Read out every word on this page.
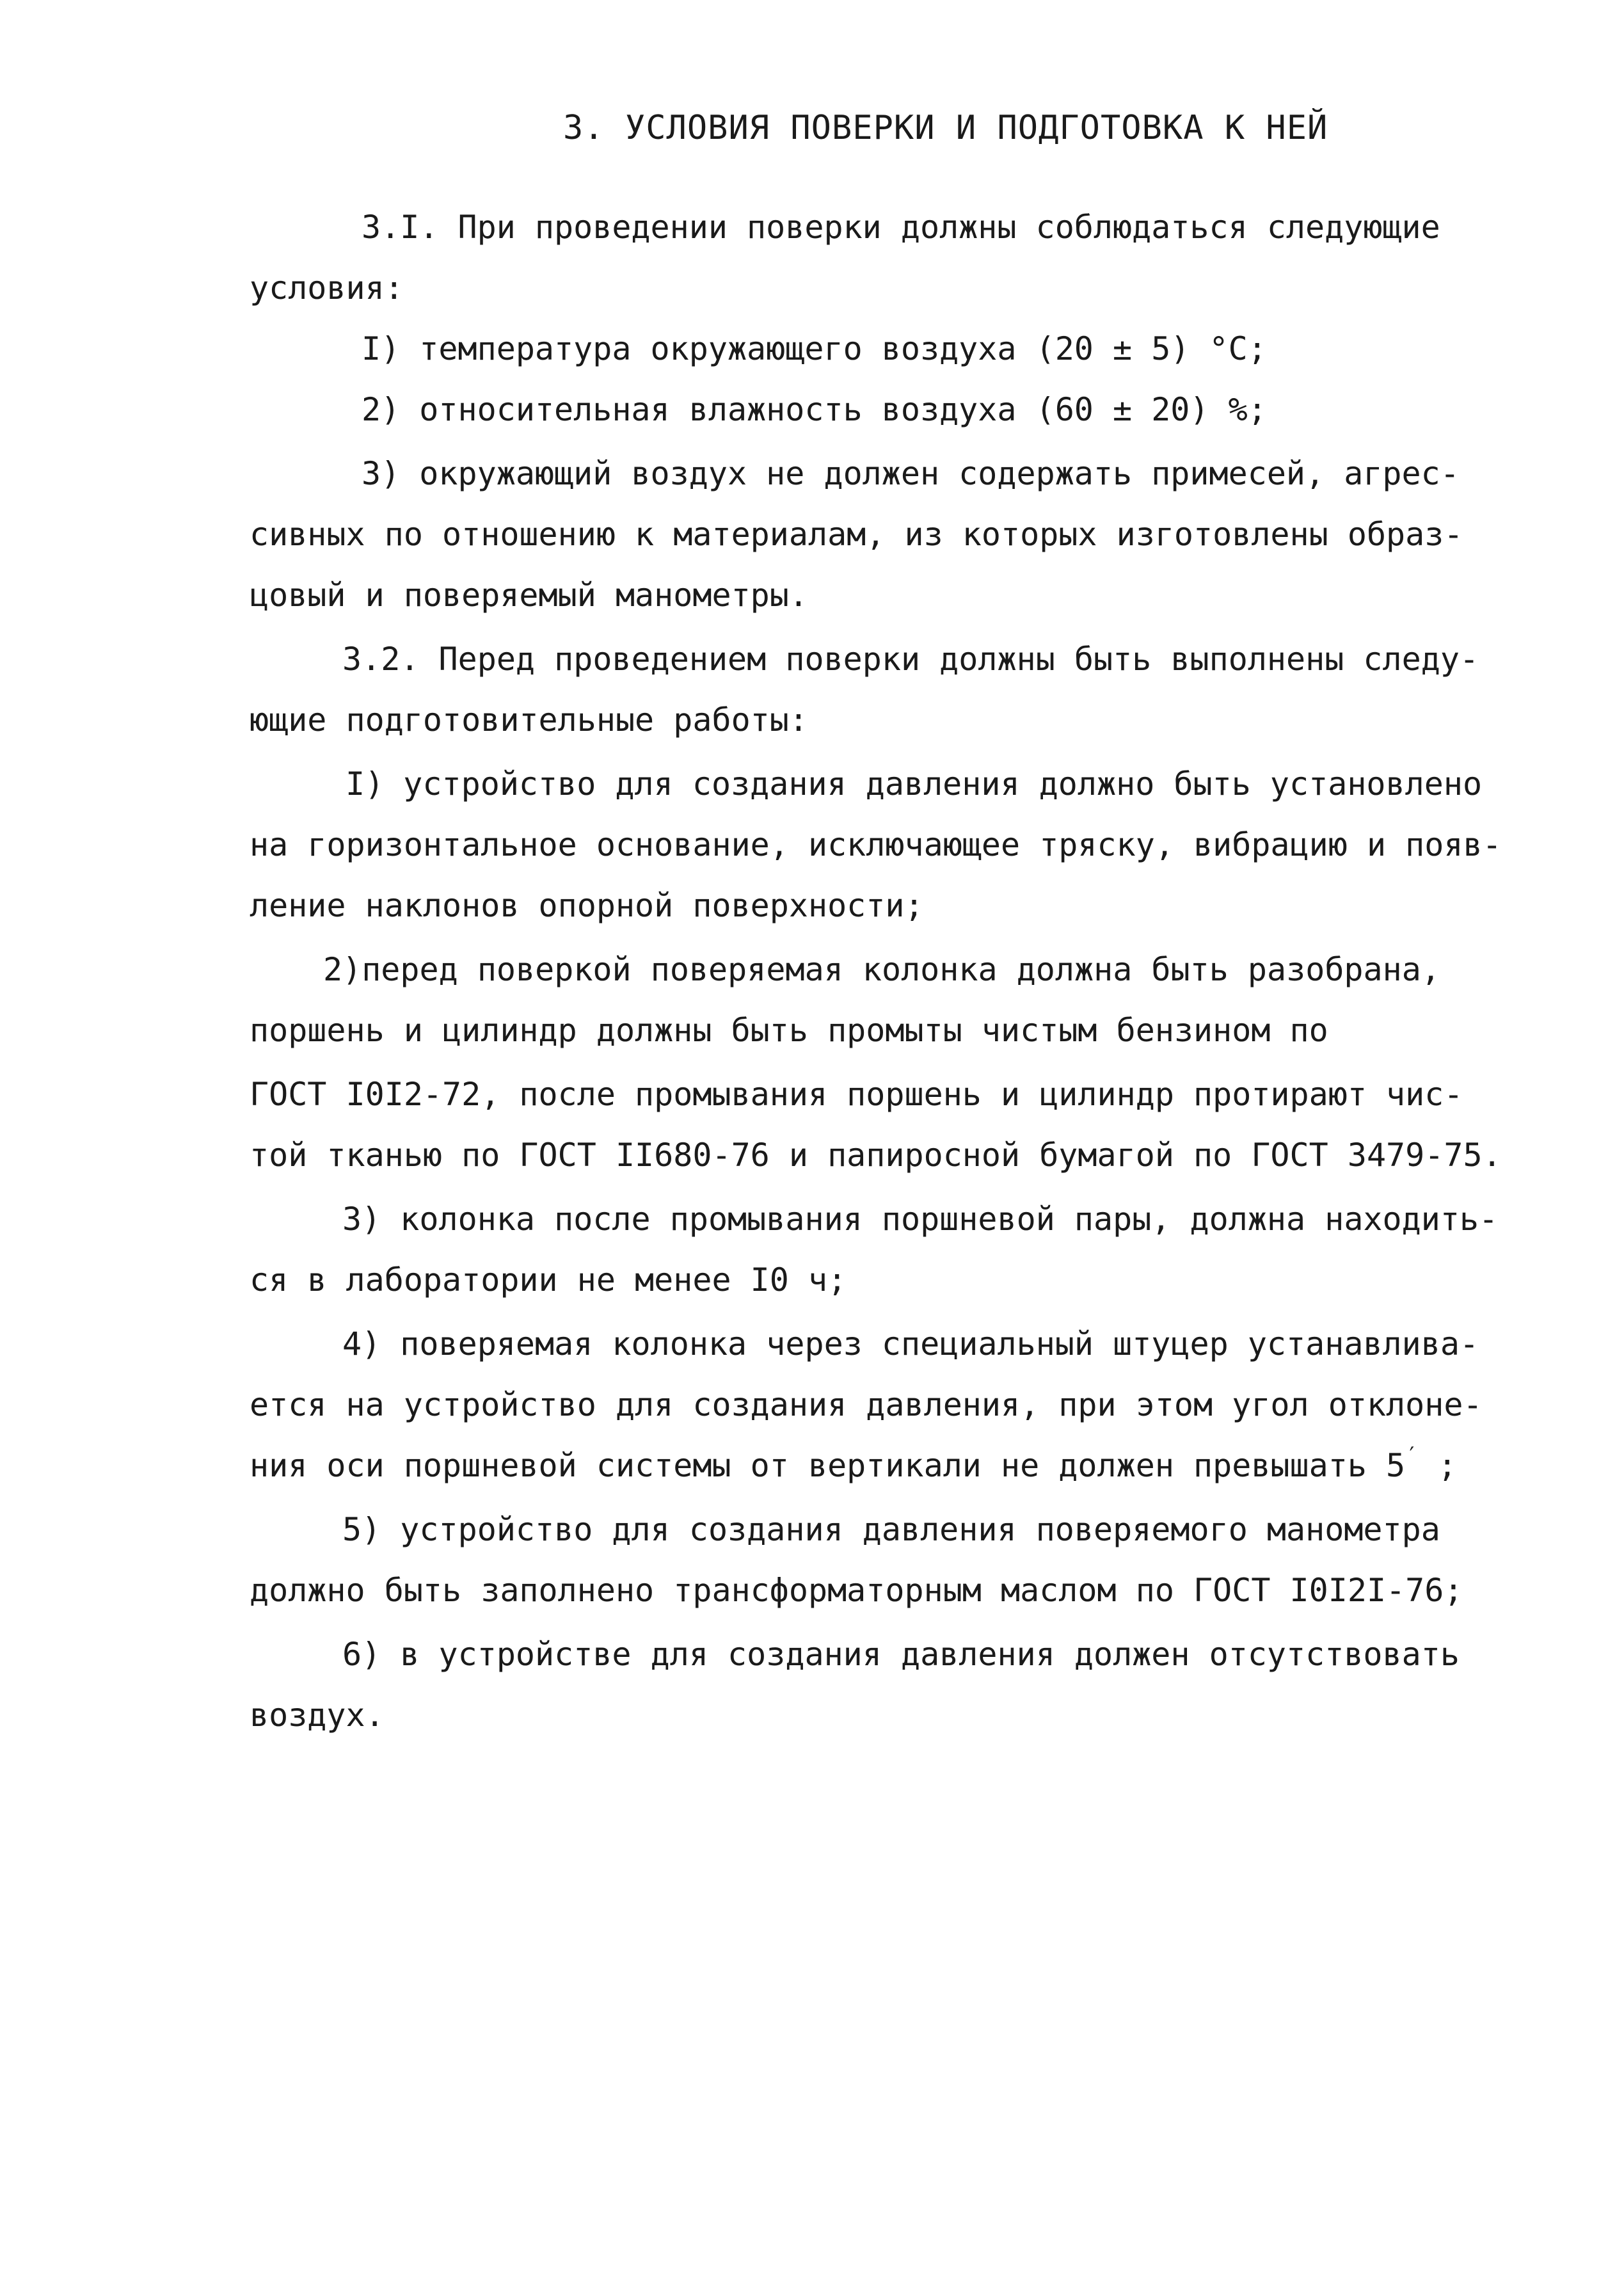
3. УСЛОВИЯ ПОВЕРКИ И ПОДГОТОВКА К НЕЙ
3.I. При проведении поверки должны соблюдаться следующие
условия:
I) температура окружающего воздуха (20 ± 5) °С;
2) относительная влажность воздуха (60 ± 20) %;
3) окружающий воздух не должен содержать примесей, агрес-
сивных по отношению к материалам, из которых изготовлены образ-
цовый и поверяемый манометры.
3.2. Перед проведением поверки должны быть выполнены следу-
ющие подготовительные работы:
I) устройство для создания давления должно быть установлено
на горизонтальное основание, исключающее тряску, вибрацию и появ-
ление наклонов опорной поверхности;
2)перед поверкой поверяемая колонка должна быть разобрана,
поршень и цилиндр должны быть промыты чистым бензином по
ГОСТ I0I2-72, после промывания поршень и цилиндр протирают чис-
той тканью по ГОСТ II680-76 и папиросной бумагой по ГОСТ 3479-75.
3) колонка после промывания поршневой пары, должна находить-
ся в лаборатории не менее I0 ч;
4) поверяемая колонка через специальный штуцер устанавлива-
ется на устройство для создания давления, при этом угол отклоне-
ния оси поршневой системы от вертикали не должен превышать 5′ ;
5) устройство для создания давления поверяемого манометра
должно быть заполнено трансформаторным маслом по ГОСТ I0I2I-76;
6) в устройстве для создания давления должен отсутствовать
воздух.
